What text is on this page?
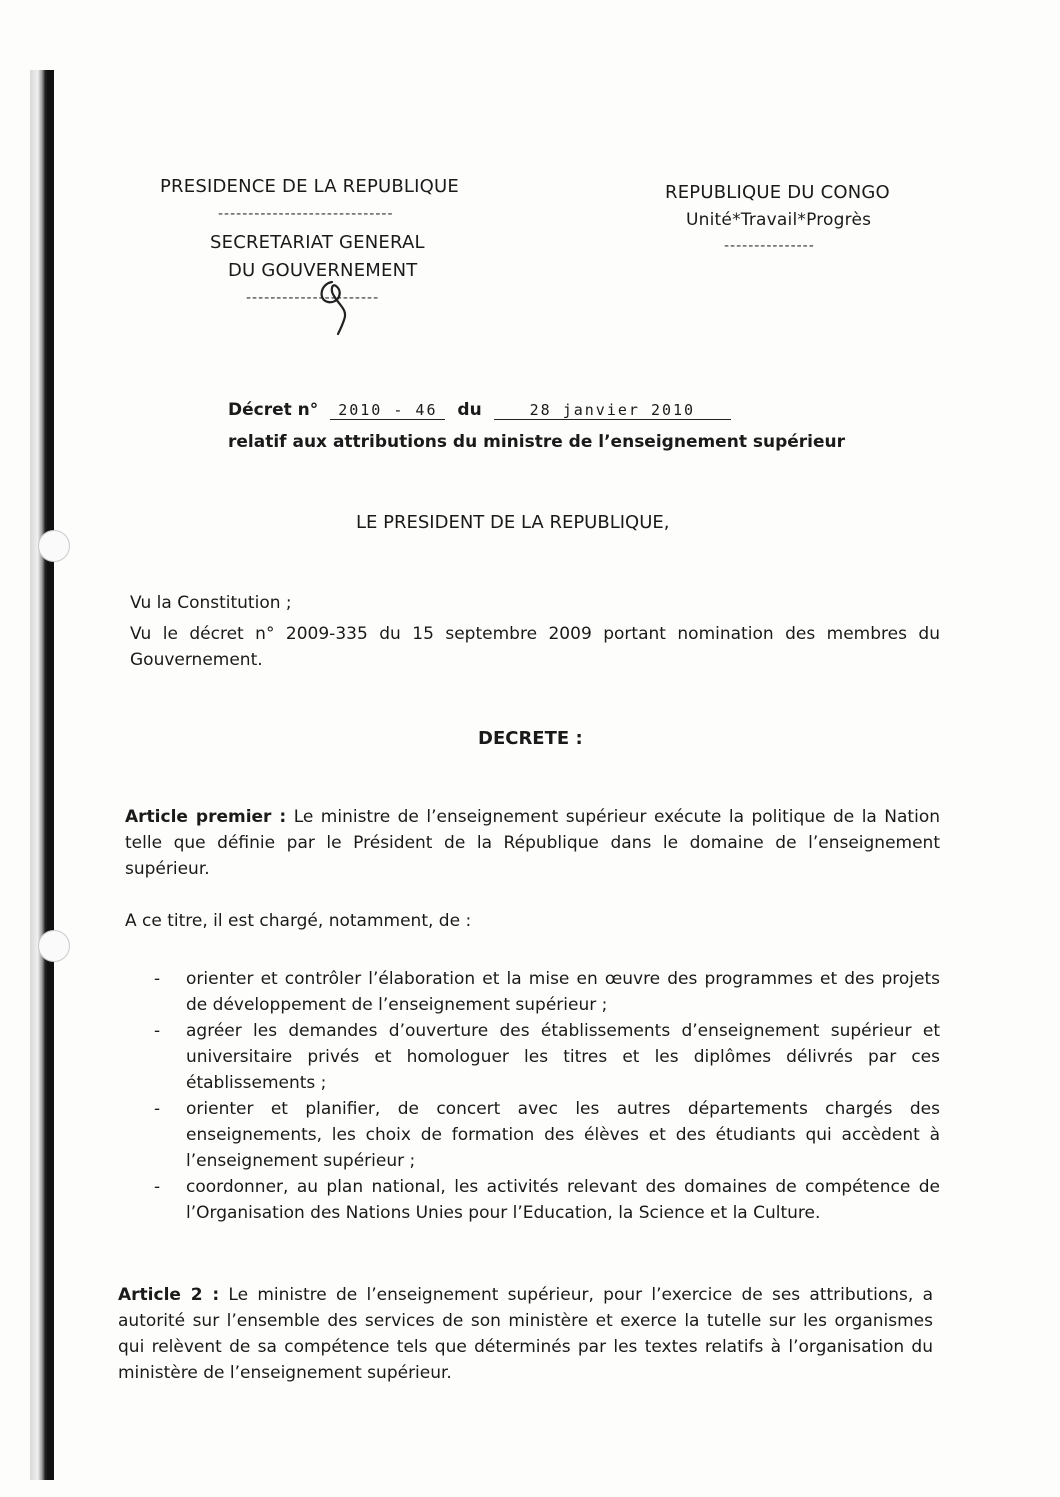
PRESIDENCE DE LA REPUBLIQUE
-----------------------------
SECRETARIAT GENERAL
DU GOUVERNEMENT
----------------------
REPUBLIQUE DU CONGO
Unité*Travail*Progrès
---------------
Décret n° 2010 - 46 du	28 janvier 2010
relatif aux attributions du ministre de l’enseignement supérieur
LE PRESIDENT DE LA REPUBLIQUE,
Vu la Constitution ;
Vu le décret n° 2009-335 du 15 septembre 2009 portant nomination des membres du Gouvernement.
DECRETE :
Article premier : Le ministre de l’enseignement supérieur exécute la politique de la Nation telle que définie par le Président de la République dans le domaine de l’enseignement supérieur.
A ce titre, il est chargé, notamment, de :
- orienter et contrôler l’élaboration et la mise en œuvre des programmes et des projets de développement de l’enseignement supérieur ;
- agréer les demandes d’ouverture des établissements d’enseignement supérieur et universitaire privés et homologuer les titres et les diplômes délivrés par ces établissements ;
- orienter et planifier, de concert avec les autres départements chargés des enseignements, les choix de formation des élèves et des étudiants qui accèdent à l’enseignement supérieur ;
- coordonner, au plan national, les activités relevant des domaines de compétence de l’Organisation des Nations Unies pour l’Education, la Science et la Culture.
Article 2 : Le ministre de l’enseignement supérieur, pour l’exercice de ses attributions, a autorité sur l’ensemble des services de son ministère et exerce la tutelle sur les organismes qui relèvent de sa compétence tels que déterminés par les textes relatifs à l’organisation du ministère de l’enseignement supérieur.
